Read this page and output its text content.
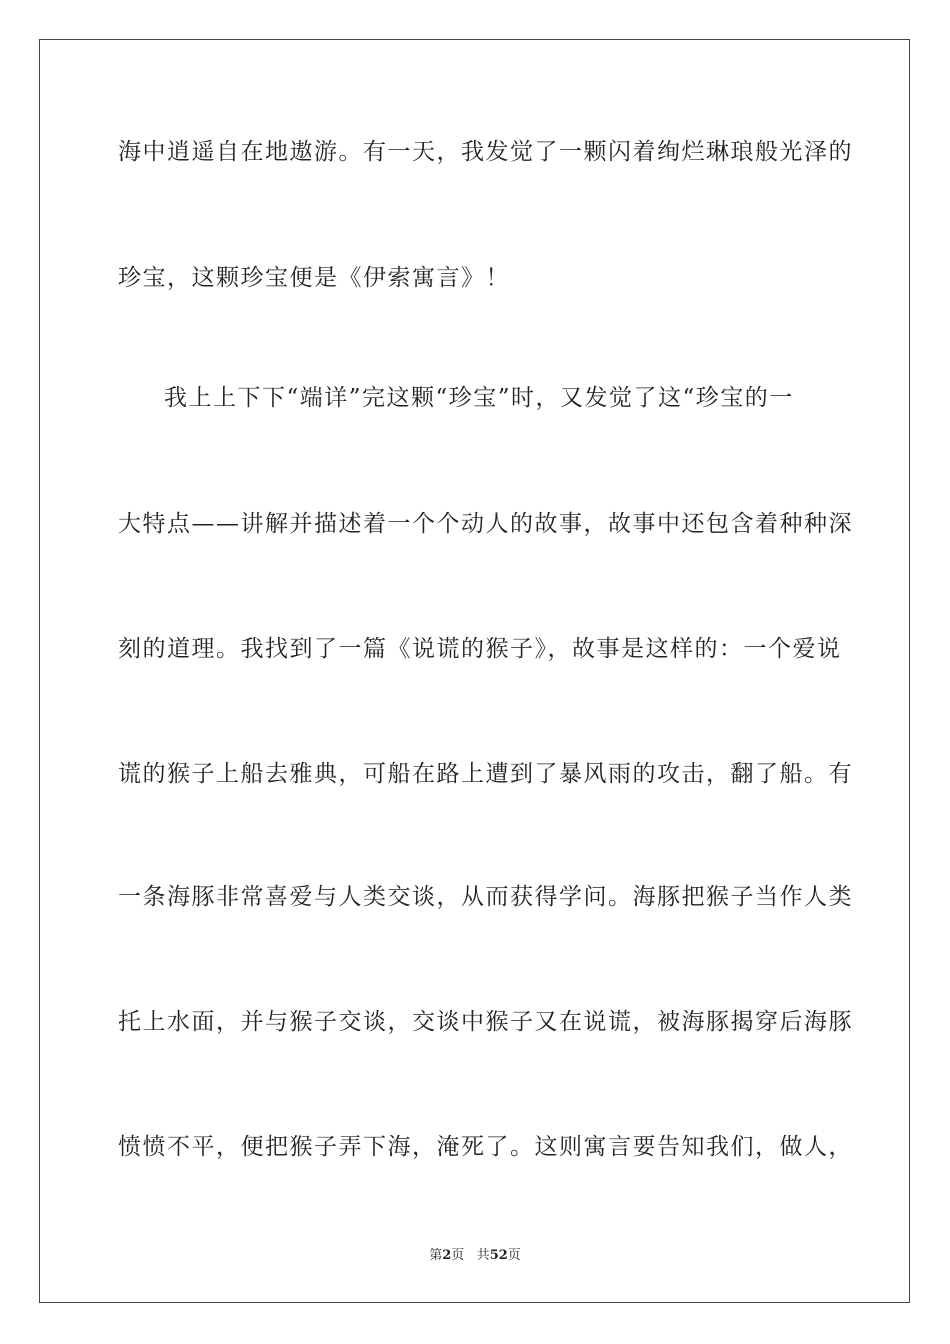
海中逍遥自在地遨游。有一天，我发觉了一颗闪着绚烂琳琅般光泽的
珍宝，这颗珍宝便是《伊索寓言》！
我上上下下“端详”完这颗“珍宝”时，又发觉了这“珍宝的一
大特点——讲解并描述着一个个动人的故事，故事中还包含着种种深
刻的道理。我找到了一篇《说谎的猴子》，故事是这样的：一个爱说
谎的猴子上船去雅典，可船在路上遭到了暴风雨的攻击，翻了船。有
一条海豚非常喜爱与人类交谈，从而获得学问。海豚把猴子当作人类
托上水面，并与猴子交谈，交谈中猴子又在说谎，被海豚揭穿后海豚
愤愤不平，便把猴子弄下海，淹死了。这则寓言要告知我们，做人，
第2页 共52页
